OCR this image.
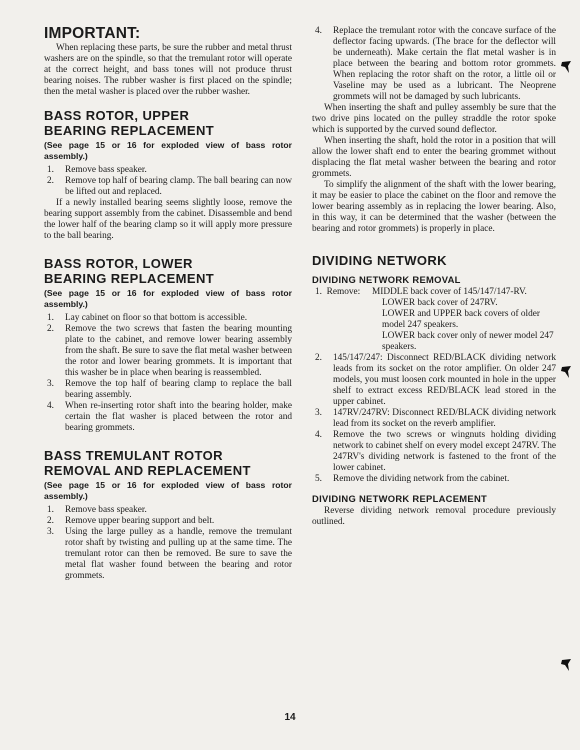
IMPORTANT:

When replacing these parts, be sure the rubber and metal thrust washers are on the spindle, so that the tremulant rotor will operate at the correct height, and bass tones will not produce thrust bearing noises. The rubber washer is first placed on the spindle; then the metal washer is placed over the rubber washer.

BASS ROTOR, UPPER
BEARING REPLACEMENT

(See page 15 or 16 for exploded view of bass rotor assembly.)

1.	Remove bass speaker.
2.	Remove top half of bearing clamp. The ball bearing can now be lifted out and replaced.

If a newly installed bearing seems slightly loose, remove the bearing support assembly from the cabinet. Disassemble and bend the lower half of the bearing clamp so it will apply more pressure to the ball bearing.

BASS ROTOR, LOWER
BEARING REPLACEMENT

(See page 15 or 16 for exploded view of bass rotor assembly.)

1.	Lay cabinet on floor so that bottom is accessible.
2.	Remove the two screws that fasten the bearing mounting plate to the cabinet, and remove lower bearing assembly from the shaft. Be sure to save the flat metal washer between the rotor and lower bearing grommets. It is important that this washer be in place when bearing is reassembled.
3.	Remove the top half of bearing clamp to replace the ball bearing assembly.
4.	When re-inserting rotor shaft into the bearing holder, make certain the flat washer is placed between the rotor and bearing grommets.
BASS TREMULANT ROTOR
REMOVAL AND REPLACEMENT

(See page 15 or 16 for exploded view of bass rotor assembly.)

1.	Remove bass speaker.
2.	Remove upper bearing support and belt.
3.	Using the large pulley as a handle, remove the tremulant rotor shaft by twisting and pulling up at the same time. The tremulant rotor can then be removed. Be sure to save the metal flat washer found between the bearing and rotor grommets.
4.	Replace the tremulant rotor with the concave surface of the deflector facing upwards. (The brace for the deflector will be underneath). Make certain the flat metal washer is in place between the bearing and bottom rotor grommets. When replacing the rotor shaft on the rotor, a little oil or Vaseline may be used as a lubricant. The Neoprene grommets will not be damaged by such lubricants.

When inserting the shaft and pulley assembly be sure that the two drive pins located on the pulley straddle the rotor spoke which is supported by the curved sound deflector.

When inserting the shaft, hold the rotor in a position that will allow the lower shaft end to enter the bearing grommet without displacing the flat metal washer between the bearing and rotor grommets.

To simplify the alignment of the shaft with the lower bearing, it may be easier to place the cabinet on the floor and remove the lower bearing assembly as in replacing the lower bearing. Also, in this way, it can be determined that the washer (between the bearing and rotor grommets) is properly in place.

DIVIDING NETWORK
DIVIDING NETWORK REMOVAL
1. Remove:	MIDDLE back cover of 145/147/147-RV.
LOWER back cover of 247RV.
LOWER and UPPER back covers of older model 247 speakers.
LOWER back cover only of newer model 247 speakers.
2.	145/147/247: Disconnect RED/BLACK dividing network leads from its socket on the rotor amplifier. On older 247 models, you must loosen cork mounted in hole in the upper shelf to extract excess RED/BLACK lead stored in the upper cabinet.
3.	147RV/247RV: Disconnect RED/BLACK dividing network lead from its socket on the reverb amplifier.
4.	Remove the two screws or wingnuts holding dividing network to cabinet shelf on every model except 247RV. The 247RV's dividing network is fastened to the front of the lower cabinet.
5.	Remove the dividing network from the cabinet.
DIVIDING NETWORK REPLACEMENT

Reverse dividing network removal procedure previously outlined.

14
